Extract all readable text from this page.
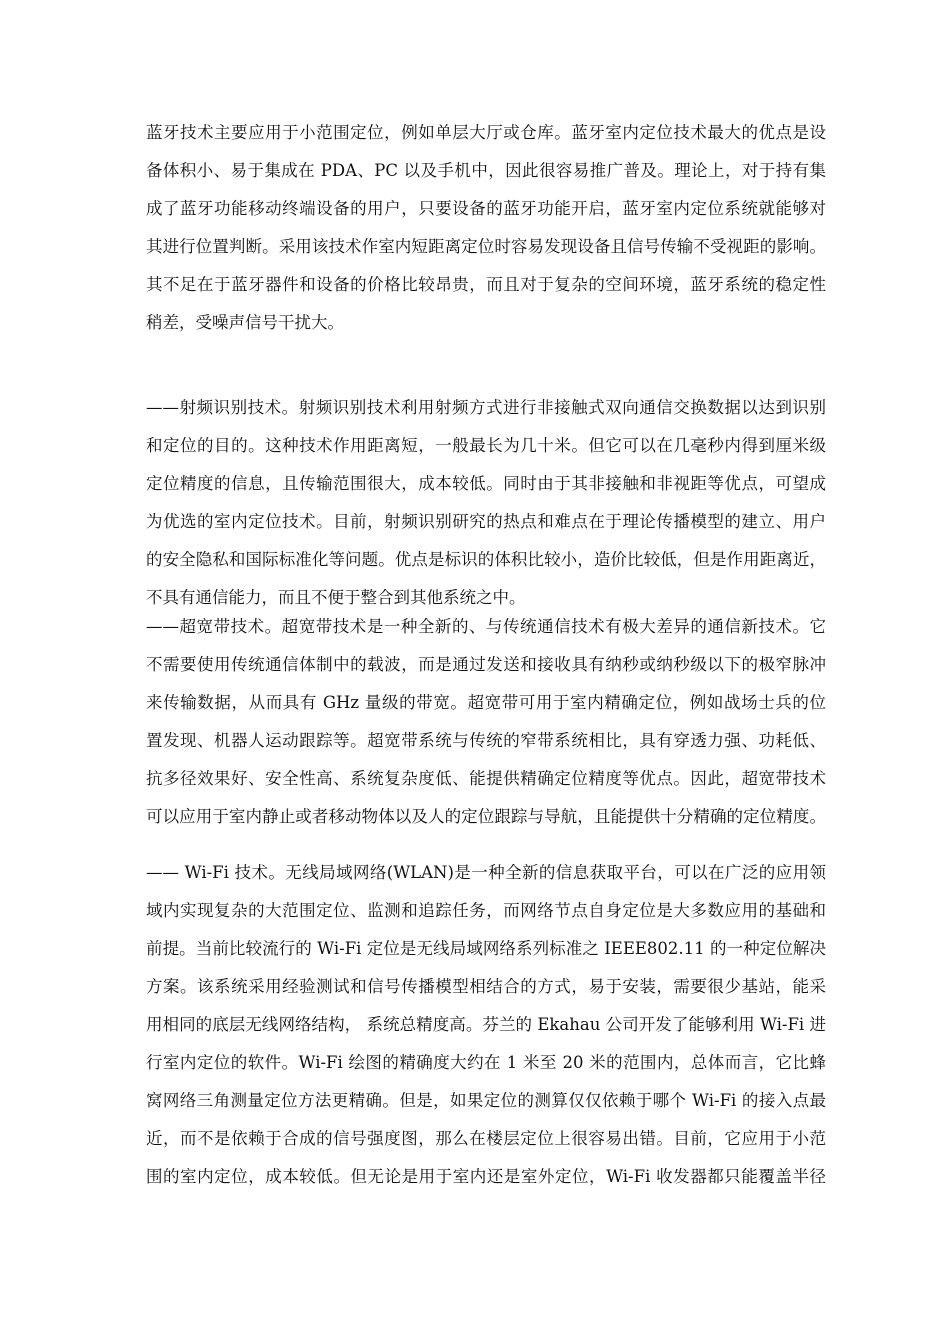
蓝牙技术主要应用于小范围定位，例如单层大厅或仓库。蓝牙室内定位技术最大的优点是设
备体积小、易于集成在 PDA、PC 以及手机中，因此很容易推广普及。理论上，对于持有集
成了蓝牙功能移动终端设备的用户，只要设备的蓝牙功能开启，蓝牙室内定位系统就能够对
其进行位置判断。采用该技术作室内短距离定位时容易发现设备且信号传输不受视距的影响。
其不足在于蓝牙器件和设备的价格比较昂贵，而且对于复杂的空间环境，蓝牙系统的稳定性
稍差，受噪声信号干扰大。
——射频识别技术。射频识别技术利用射频方式进行非接触式双向通信交换数据以达到识别
和定位的目的。这种技术作用距离短，一般最长为几十米。但它可以在几毫秒内得到厘米级
定位精度的信息，且传输范围很大，成本较低。同时由于其非接触和非视距等优点，可望成
为优选的室内定位技术。目前，射频识别研究的热点和难点在于理论传播模型的建立、用户
的安全隐私和国际标准化等问题。优点是标识的体积比较小，造价比较低，但是作用距离近，
不具有通信能力，而且不便于整合到其他系统之中。
——超宽带技术。超宽带技术是一种全新的、与传统通信技术有极大差异的通信新技术。它
不需要使用传统通信体制中的载波，而是通过发送和接收具有纳秒或纳秒级以下的极窄脉冲
来传输数据，从而具有 GHz 量级的带宽。超宽带可用于室内精确定位，例如战场士兵的位
置发现、机器人运动跟踪等。超宽带系统与传统的窄带系统相比，具有穿透力强、功耗低、
抗多径效果好、安全性高、系统复杂度低、能提供精确定位精度等优点。因此，超宽带技术
可以应用于室内静止或者移动物体以及人的定位跟踪与导航，且能提供十分精确的定位精度。
—— Wi-Fi 技术。无线局域网络(WLAN)是一种全新的信息获取平台，可以在广泛的应用领
域内实现复杂的大范围定位、监测和追踪任务，而网络节点自身定位是大多数应用的基础和
前提。当前比较流行的 Wi-Fi 定位是无线局域网络系列标准之 IEEE802.11 的一种定位解决
方案。该系统采用经验测试和信号传播模型相结合的方式，易于安装，需要很少基站，能采
用相同的底层无线网络结构， 系统总精度高。芬兰的 Ekahau 公司开发了能够利用 Wi-Fi 进
行室内定位的软件。Wi-Fi 绘图的精确度大约在 1 米至 20 米的范围内，总体而言，它比蜂
窝网络三角测量定位方法更精确。但是，如果定位的测算仅仅依赖于哪个 Wi-Fi 的接入点最
近，而不是依赖于合成的信号强度图，那么在楼层定位上很容易出错。目前，它应用于小范
围的室内定位，成本较低。但无论是用于室内还是室外定位，Wi-Fi 收发器都只能覆盖半径
